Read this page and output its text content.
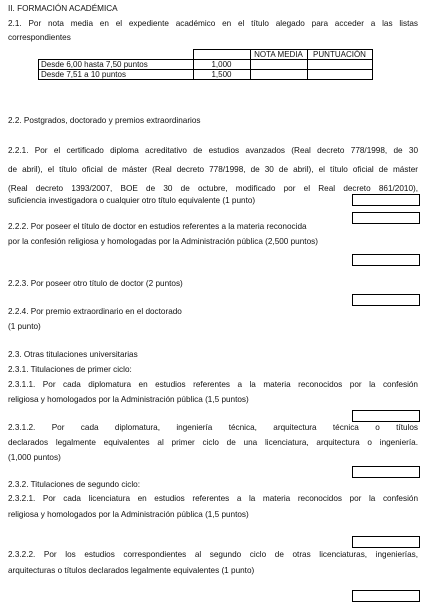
II. FORMACIÓN ACADÉMICA
2.1. Por nota media en el expediente académico en el título alegado para acceder a las listas
correspondientes
		NOTA MEDIA	PUNTUACIÓN
Desde 6,00 hasta 7,50 puntos	1,000		
Desde 7,51 a 10 puntos	1,500		
2.2. Postgrados, doctorado y premios extraordinarios
2.2.1. Por el certificado diploma acreditativo de estudios avanzados (Real decreto 778/1998, de 30
de abril), el título oficial de máster (Real decreto 778/1998, de 30 de abril), el título oficial de máster
(Real decreto 1393/2007, BOE de 30 de octubre, modificado por el Real decreto 861/2010),
suficiencia investigadora o cualquier otro título equivalente (1 punto)
2.2.2. Por poseer el título de doctor en estudios referentes a la materia reconocida
por la confesión religiosa y homologadas por la Administración pública (2,500 puntos)
2.2.3. Por poseer otro título de doctor (2 puntos)
2.2.4. Por premio extraordinario en el doctorado
(1 punto)
2.3. Otras titulaciones universitarias
2.3.1. Titulaciones de primer ciclo:
2.3.1.1. Por cada diplomatura en estudios referentes a la materia reconocidos por la confesión
religiosa y homologados por la Administración pública (1,5 puntos)
2.3.1.2. Por cada diplomatura, ingeniería técnica, arquitectura técnica o títulos
declarados legalmente equivalentes al primer ciclo de una licenciatura, arquitectura o ingeniería.
(1,000 puntos)
2.3.2. Titulaciones de segundo ciclo:
2.3.2.1. Por cada licenciatura en estudios referentes a la materia reconocidos por la confesión
religiosa y homologados por la Administración pública (1,5 puntos)
2.3.2.2. Por los estudios correspondientes al segundo ciclo de otras licenciaturas, ingenierías,
arquitecturas o títulos declarados legalmente equivalentes (1 punto)
